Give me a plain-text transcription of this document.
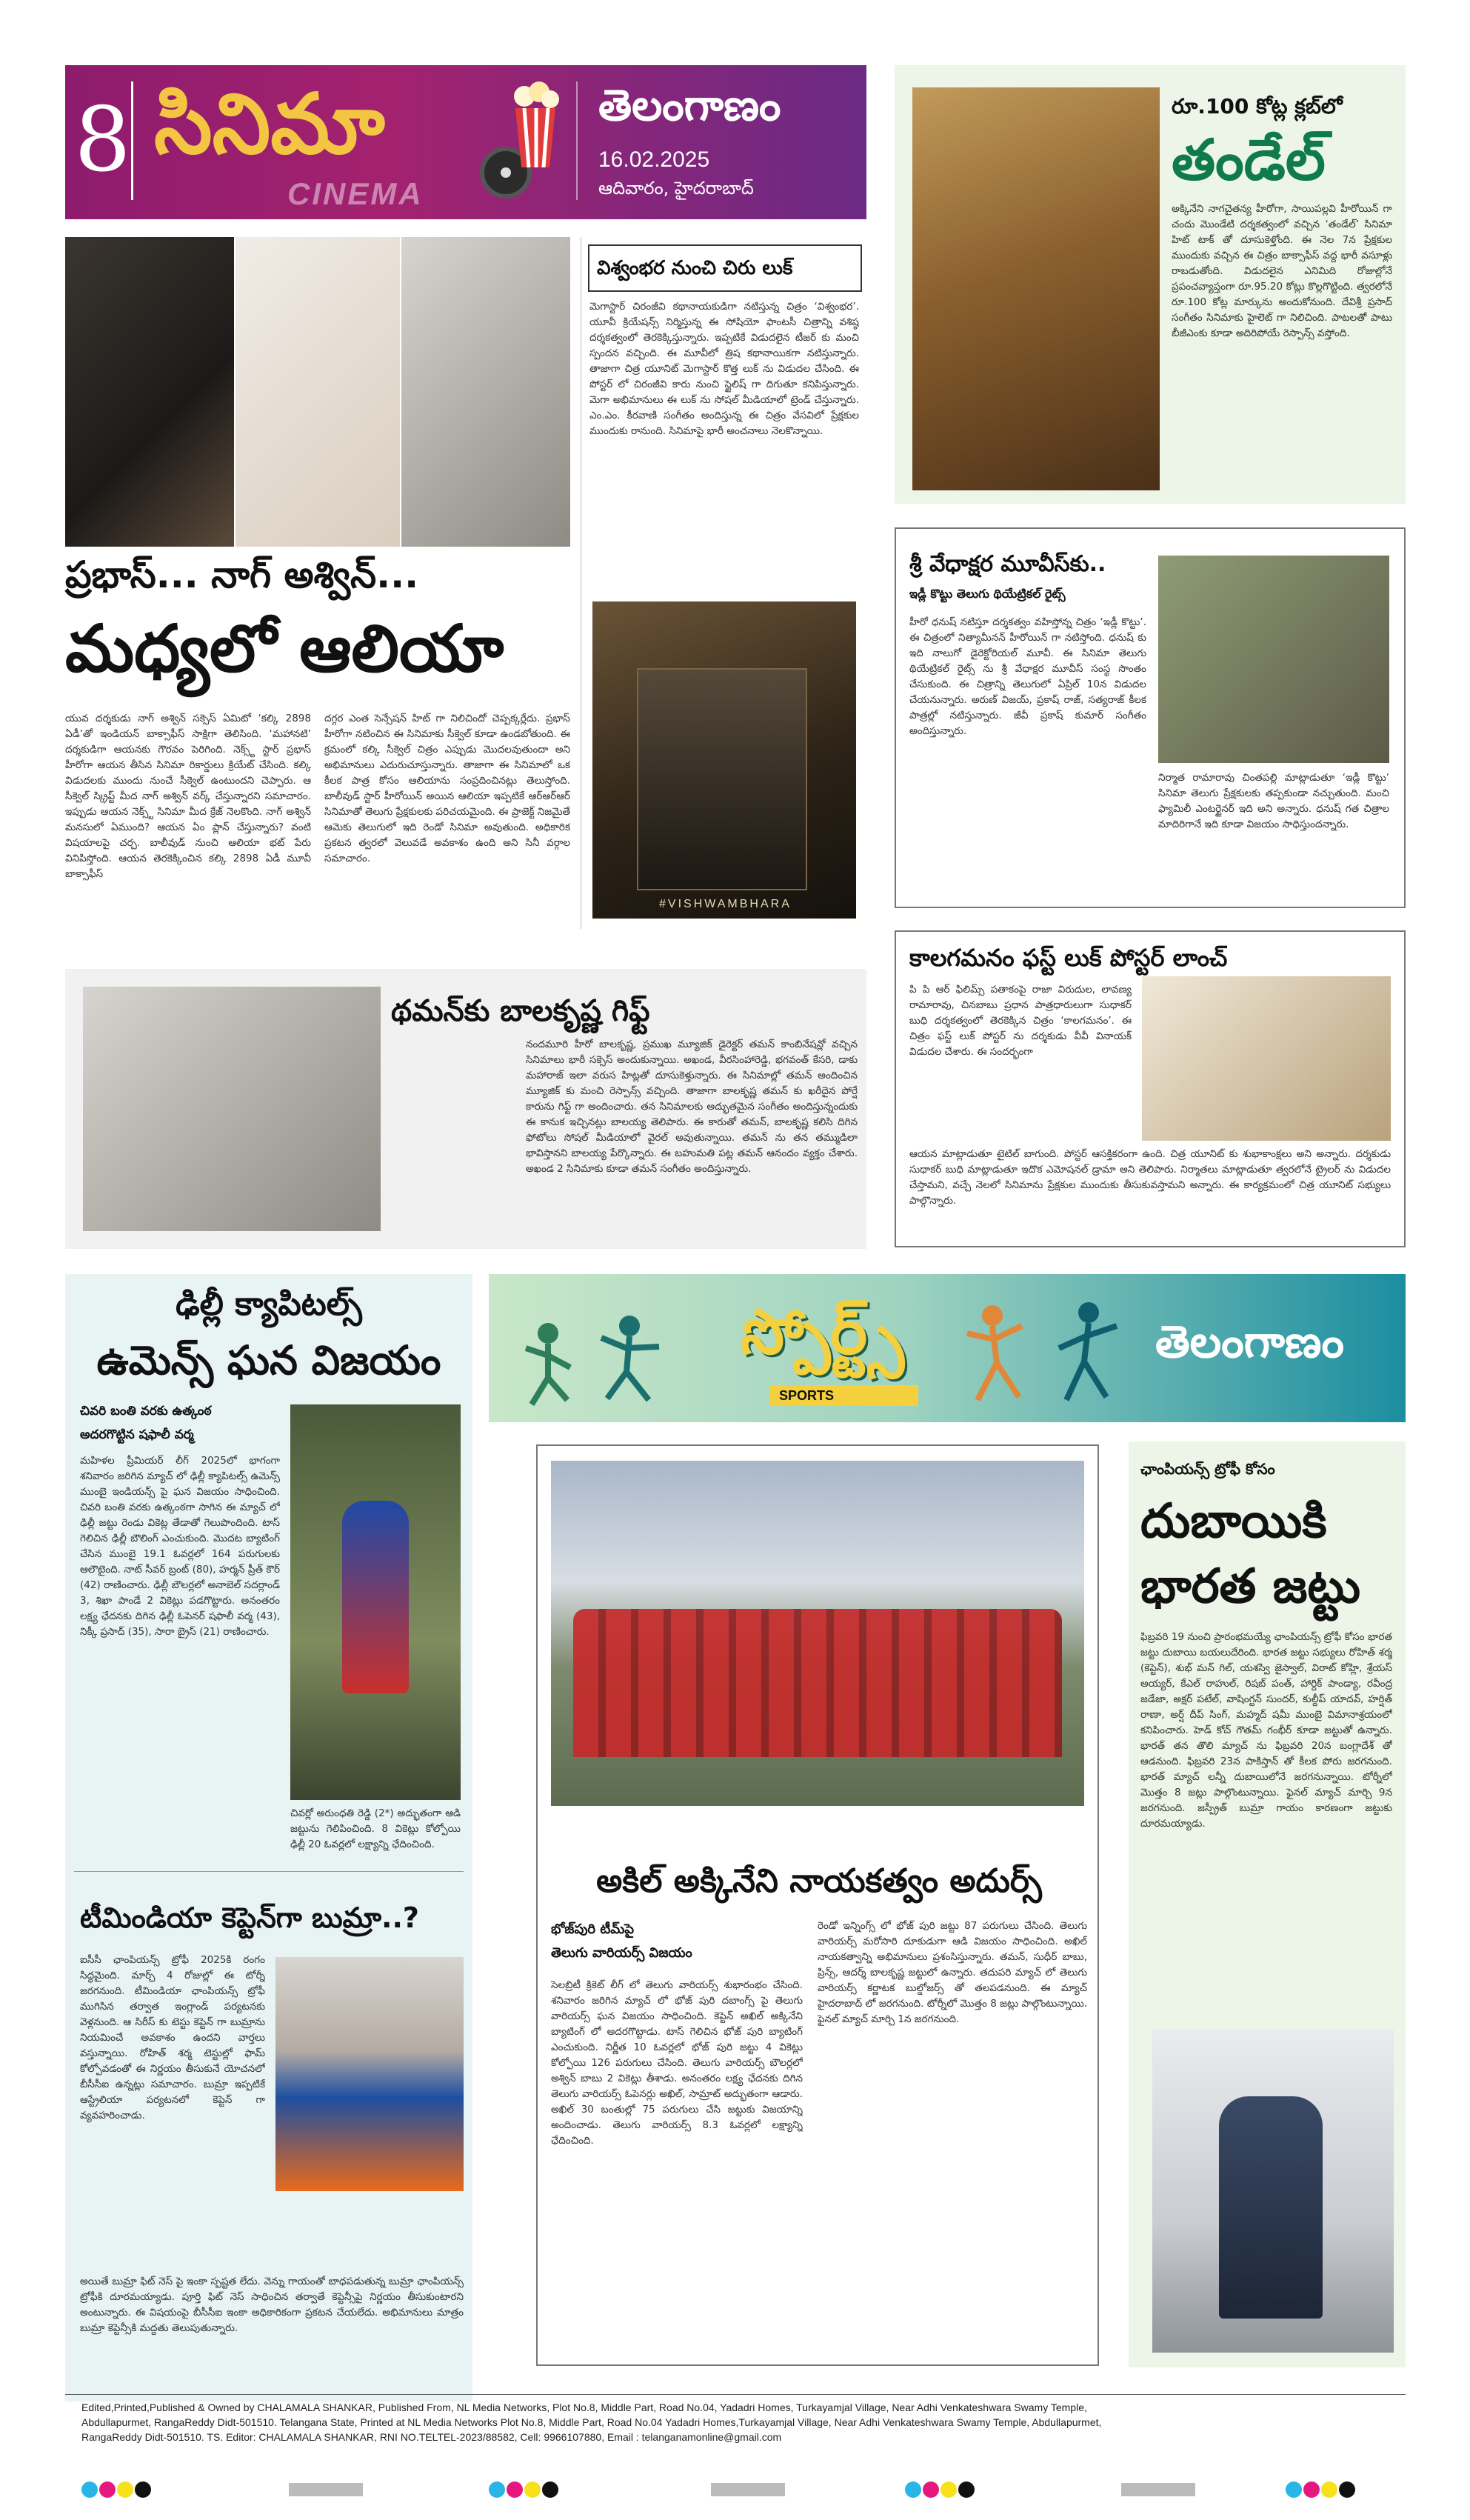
8 సినిమా
CINEMA
తెలంగాణం
16.02.2025
ఆదివారం, హైదరాబాద్
ప్రభాస్... నాగ్ అశ్విన్...
మధ్యలో ఆలియా
యువ దర్శకుడు నాగ్ అశ్విన్ సక్సెస్ ఏమిటో ‘కల్కి 2898 ఏడీ’తో ఇండియన్ బాక్సాఫీస్ సాక్షిగా తెలిసింది. ‘మహానటి’ దర్శకుడిగా ఆయనకు గౌరవం పెరిగింది. నెక్స్ట్ స్టార్ ప్రభాస్ హీరోగా ఆయన తీసిన సినిమా రికార్డులు క్రియేట్ చేసింది. కల్కి విడుదలకు ముందు నుంచే సీక్వెల్ ఉంటుందని చెప్పారు. ఆ సీక్వెల్ స్క్రిప్ట్ మీద నాగ్ అశ్విన్ వర్క్ చేస్తున్నారని సమాచారం. ఇప్పుడు ఆయన నెక్స్ట్ సినిమా మీద క్రేజ్ నెలకొంది. నాగ్ అశ్విన్ మనసులో ఏముంది? ఆయన ఏం ప్లాన్ చేస్తున్నారు? వంటి విషయాలపై చర్చ. బాలీవుడ్ నుంచి ఆలియా భట్ పేరు వినిపిస్తోంది. ఆయన తెరకెక్కించిన కల్కి 2898 ఏడీ మూవీ బాక్సాఫీస్
దగ్గర ఎంత సెన్సేషన్ హిట్ గా నిలిచిందో చెప్పక్కర్లేదు. ప్రభాస్ హీరోగా నటించిన ఈ సినిమాకు సీక్వెల్ కూడా ఉండబోతుంది. ఈ క్రమంలో కల్కి సీక్వెల్ చిత్రం ఎప్పుడు మొదలవుతుందా అని అభిమానులు ఎదురుచూస్తున్నారు. తాజాగా ఈ సినిమాలో ఒక కీలక పాత్ర కోసం ఆలియాను సంప్రదించినట్లు తెలుస్తోంది. బాలీవుడ్ స్టార్ హీరోయిన్ అయిన ఆలియా ఇప్పటికే ఆర్ఆర్ఆర్ సినిమాతో తెలుగు ప్రేక్షకులకు పరిచయమైంది. ఈ ప్రాజెక్ట్ నిజమైతే ఆమెకు తెలుగులో ఇది రెండో సినిమా అవుతుంది. అధికారిక ప్రకటన త్వరలో వెలువడే అవకాశం ఉంది అని సినీ వర్గాల సమాచారం.
విశ్వంభర నుంచి చిరు లుక్
మెగాస్టార్ చిరంజీవి కథానాయకుడిగా నటిస్తున్న చిత్రం ‘విశ్వంభర’. యూవీ క్రియేషన్స్ నిర్మిస్తున్న ఈ సోషియో ఫాంటసీ చిత్రాన్ని వశిష్ఠ దర్శకత్వంలో తెరకెక్కిస్తున్నారు. ఇప్పటికే విడుదలైన టీజర్ కు మంచి స్పందన వచ్చింది. ఈ మూవీలో త్రిష కథానాయికగా నటిస్తున్నారు. తాజాగా చిత్ర యూనిట్ మెగాస్టార్ కొత్త లుక్ ను విడుదల చేసింది. ఈ పోస్టర్ లో చిరంజీవి కారు నుంచి స్టైలిష్ గా దిగుతూ కనిపిస్తున్నారు. మెగా అభిమానులు ఈ లుక్ ను సోషల్ మీడియాలో ట్రెండ్ చేస్తున్నారు. ఎం.ఎం. కీరవాణి సంగీతం అందిస్తున్న ఈ చిత్రం వేసవిలో ప్రేక్షకుల ముందుకు రానుంది. సినిమాపై భారీ అంచనాలు నెలకొన్నాయి.
#VISHWAMBHARA
రూ.100 కోట్ల క్లబ్‌లో
తండేల్
అక్కినేని నాగచైతన్య హీరోగా, సాయిపల్లవి హీరోయిన్ గా చందు మొండేటి దర్శకత్వంలో వచ్చిన ‘తండేల్’ సినిమా హిట్ టాక్ తో దూసుకెళ్తోంది. ఈ నెల 7న ప్రేక్షకుల ముందుకు వచ్చిన ఈ చిత్రం బాక్సాఫీస్ వద్ద భారీ వసూళ్లు రాబడుతోంది. విడుదలైన ఎనిమిది రోజుల్లోనే ప్రపంచవ్యాప్తంగా రూ.95.20 కోట్లు కొల్లగొట్టింది. త్వరలోనే రూ.100 కోట్ల మార్కును అందుకోనుంది. దేవిశ్రీ ప్రసాద్ సంగీతం సినిమాకు హైలెట్ గా నిలిచింది. పాటలతో పాటు బీజీఎంకు కూడా అదిరిపోయే రెస్పాన్స్ వస్తోంది.
శ్రీ వేధాక్షర మూవీస్‌కు..
ఇడ్లీ కొట్టు తెలుగు థియేట్రికల్ రైట్స్
హీరో ధనుష్ నటిస్తూ దర్శకత్వం వహిస్తోన్న చిత్రం ‘ఇడ్లీ కొట్టు’. ఈ చిత్రంలో నిత్యామీనన్ హీరోయిన్ గా నటిస్తోంది. ధనుష్ కు ఇది నాలుగో డైరెక్టోరియల్ మూవీ. ఈ సినిమా తెలుగు థియేట్రికల్ రైట్స్ ను శ్రీ వేధాక్షర మూవీస్ సంస్థ సొంతం చేసుకుంది. ఈ చిత్రాన్ని తెలుగులో ఏప్రిల్ 10న విడుదల చేయనున్నారు. అరుణ్ విజయ్, ప్రకాష్ రాజ్, సత్యరాజ్ కీలక పాత్రల్లో నటిస్తున్నారు. జీవీ ప్రకాష్ కుమార్ సంగీతం అందిస్తున్నారు.
నిర్మాత రామారావు చింతపల్లి మాట్లాడుతూ ‘ఇడ్లీ కొట్టు’ సినిమా తెలుగు ప్రేక్షకులకు తప్పకుండా నచ్చుతుంది. మంచి ఫ్యామిలీ ఎంటర్టైనర్ ఇది అని అన్నారు. ధనుష్ గత చిత్రాల మాదిరిగానే ఇది కూడా విజయం సాధిస్తుందన్నారు.
కాలగమనం ఫస్ట్ లుక్ పోస్టర్ లాంచ్
పి పి ఆర్ ఫిలిమ్స్ పతాకంపై రాజా విరుదుల, లావణ్య రామారావు, చినబాబు ప్రధాన పాత్రధారులుగా సుధాకర్ బుధి దర్శకత్వంలో తెరకెక్కిన చిత్రం ‘కాలగమనం’. ఈ చిత్రం ఫస్ట్ లుక్ పోస్టర్ ను దర్శకుడు వీవీ వినాయక్ విడుదల చేశారు. ఈ సందర్భంగా
ఆయన మాట్లాడుతూ టైటిల్ బాగుంది. పోస్టర్ ఆసక్తికరంగా ఉంది. చిత్ర యూనిట్ కు శుభాకాంక్షలు అని అన్నారు. దర్శకుడు సుధాకర్ బుధి మాట్లాడుతూ ఇదొక ఎమోషనల్ డ్రామా అని తెలిపారు. నిర్మాతలు మాట్లాడుతూ త్వరలోనే ట్రైలర్ ను విడుదల చేస్తామని, వచ్చే నెలలో సినిమాను ప్రేక్షకుల ముందుకు తీసుకువస్తామని అన్నారు. ఈ కార్యక్రమంలో చిత్ర యూనిట్ సభ్యులు పాల్గొన్నారు.
థమన్‌కు బాలకృష్ణ గిఫ్ట్
నందమూరి హీరో బాలకృష్ణ, ప్రముఖ మ్యూజిక్ డైరెక్టర్ తమన్ కాంబినేషన్లో వచ్చిన సినిమాలు భారీ సక్సెస్ అందుకున్నాయి. అఖండ, వీరసింహారెడ్డి, భగవంత్ కేసరి, డాకు మహారాజ్ ఇలా వరుస హిట్లతో దూసుకెళ్తున్నారు. ఈ సినిమాల్లో తమన్ అందించిన మ్యూజిక్ కు మంచి రెస్పాన్స్ వచ్చింది. తాజాగా బాలకృష్ణ తమన్ కు ఖరీదైన పోర్షే కారును గిఫ్ట్ గా అందించారు. తన సినిమాలకు అద్భుతమైన సంగీతం అందిస్తున్నందుకు ఈ కానుక ఇచ్చినట్లు బాలయ్య తెలిపారు. ఈ కారుతో తమన్, బాలకృష్ణ కలిసి దిగిన ఫోటోలు సోషల్ మీడియాలో వైరల్ అవుతున్నాయి. తమన్ ను తన తమ్ముడిలా భావిస్తానని బాలయ్య పేర్కొన్నారు. ఈ బహుమతి పట్ల తమన్ ఆనందం వ్యక్తం చేశారు. అఖండ 2 సినిమాకు కూడా తమన్ సంగీతం అందిస్తున్నారు.
ఢిల్లీ క్యాపిటల్స్
ఉమెన్స్ ఘన విజయం
చివరి బంతి వరకు ఉత్కంఠ
అదరగొట్టిన షఫాలీ వర్మ
మహిళల ప్రీమియర్ లీగ్ 2025లో భాగంగా శనివారం జరిగిన మ్యాచ్ లో ఢిల్లీ క్యాపిటల్స్ ఉమెన్స్ ముంబై ఇండియన్స్ పై ఘన విజయం సాధించింది. చివరి బంతి వరకు ఉత్కంఠగా సాగిన ఈ మ్యాచ్ లో ఢిల్లీ జట్టు రెండు వికెట్ల తేడాతో గెలుపొందింది. టాస్ గెలిచిన ఢిల్లీ బౌలింగ్ ఎంచుకుంది. మొదట బ్యాటింగ్ చేసిన ముంబై 19.1 ఓవర్లలో 164 పరుగులకు ఆలౌటైంది. నాట్ సీవర్ బ్రంట్ (80), హర్మన్ ప్రీత్ కౌర్ (42) రాణించారు. ఢిల్లీ బౌలర్లలో అనాబెల్ సదర్లాండ్ 3, శిఖా పాండే 2 వికెట్లు పడగొట్టారు. అనంతరం లక్ష్య ఛేదనకు దిగిన ఢిల్లీ ఓపెనర్ షఫాలీ వర్మ (43), నిక్కీ ప్రసాద్ (35), సారా బ్రైస్ (21) రాణించారు.
చివర్లో అరుంధతి రెడ్డి (2*) అద్భుతంగా ఆడి జట్టును గెలిపించింది. 8 వికెట్లు కోల్పోయి ఢిల్లీ 20 ఓవర్లలో లక్ష్యాన్ని ఛేదించింది.
టీమిండియా కెప్టెన్‌గా బుమ్రా..?
ఐసీసీ ఛాంపియన్స్ ట్రోఫీ 2025కి రంగం సిద్ధమైంది. మార్చ్ 4 రోజుల్లో ఈ టోర్నీ జరగనుంది. టీమిండియా ఛాంపియన్స్ ట్రోఫీ ముగిసిన తర్వాత ఇంగ్లాండ్ పర్యటనకు వెళ్లనుంది. ఆ సిరీస్ కు టెస్టు కెప్టెన్ గా బుమ్రాను నియమించే అవకాశం ఉందని వార్తలు వస్తున్నాయి. రోహిత్ శర్మ టెస్టుల్లో ఫామ్ కోల్పోవడంతో ఈ నిర్ణయం తీసుకునే యోచనలో బీసీసీఐ ఉన్నట్లు సమాచారం. బుమ్రా ఇప్పటికే ఆస్ట్రేలియా పర్యటనలో కెప్టెన్ గా వ్యవహరించాడు.
అయితే బుమ్రా ఫిట్ నెస్ పై ఇంకా స్పష్టత లేదు. వెన్ను గాయంతో బాధపడుతున్న బుమ్రా ఛాంపియన్స్ ట్రోఫీకి దూరమయ్యాడు. పూర్తి ఫిట్ నెస్ సాధించిన తర్వాతే కెప్టెన్సీపై నిర్ణయం తీసుకుంటారని అంటున్నారు. ఈ విషయంపై బీసీసీఐ ఇంకా అధికారికంగా ప్రకటన చేయలేదు. అభిమానులు మాత్రం బుమ్రా కెప్టెన్సీకి మద్దతు తెలుపుతున్నారు.
స్పోర్ట్స్
SPORTS
తెలంగాణం
అకిల్ అక్కినేని నాయకత్వం అదుర్స్
భోజ్‌పురి టీమ్‌పై
తెలుగు వారియర్స్ విజయం
సెలబ్రిటీ క్రికెట్ లీగ్ లో తెలుగు వారియర్స్ శుభారంభం చేసింది. శనివారం జరిగిన మ్యాచ్ లో భోజ్ పురి దబాంగ్స్ పై తెలుగు వారియర్స్ ఘన విజయం సాధించింది. కెప్టెన్ అఖిల్ అక్కినేని బ్యాటింగ్ లో అదరగొట్టాడు. టాస్ గెలిచిన భోజ్ పురి బ్యాటింగ్ ఎంచుకుంది. నిర్ణీత 10 ఓవర్లలో భోజ్ పురి జట్టు 4 వికెట్లు కోల్పోయి 126 పరుగులు చేసింది. తెలుగు వారియర్స్ బౌలర్లలో అశ్విన్ బాబు 2 వికెట్లు తీశాడు. అనంతరం లక్ష్య ఛేదనకు దిగిన తెలుగు వారియర్స్ ఓపెనర్లు అఖిల్, సామ్రాట్ అద్భుతంగా ఆడారు. అఖిల్ 30 బంతుల్లో 75 పరుగులు చేసి జట్టుకు విజయాన్ని అందించాడు. తెలుగు వారియర్స్ 8.3 ఓవర్లలో లక్ష్యాన్ని ఛేదించింది.
రెండో ఇన్నింగ్స్ లో భోజ్ పురి జట్టు 87 పరుగులు చేసింది. తెలుగు వారియర్స్ మరోసారి దూకుడుగా ఆడి విజయం సాధించింది. అఖిల్ నాయకత్వాన్ని అభిమానులు ప్రశంసిస్తున్నారు. తమన్, సుధీర్ బాబు, ప్రిన్స్, ఆదర్శ్ బాలకృష్ణ జట్టులో ఉన్నారు. తదుపరి మ్యాచ్ లో తెలుగు వారియర్స్ కర్ణాటక బుల్డోజర్స్ తో తలపడనుంది. ఈ మ్యాచ్ హైదరాబాద్ లో జరగనుంది. టోర్నీలో మొత్తం 8 జట్లు పాల్గొంటున్నాయి. ఫైనల్ మ్యాచ్ మార్చి 1న జరగనుంది.
ఛాంపియన్స్ ట్రోఫీ కోసం
దుబాయికి
భారత జట్టు
ఫిబ్రవరి 19 నుంచి ప్రారంభమయ్యే ఛాంపియన్స్ ట్రోఫీ కోసం భారత జట్టు దుబాయి బయలుదేరింది. భారత జట్టు సభ్యులు రోహిత్ శర్మ (కెప్టెన్), శుభ్ మన్ గిల్, యశస్వి జైస్వాల్, విరాట్ కోహ్లి, శ్రేయస్ అయ్యర్, కేఎల్ రాహుల్, రిషబ్ పంత్, హార్దిక్ పాండ్యా, రవీంద్ర జడేజా, అక్షర్ పటేల్, వాషింగ్టన్ సుందర్, కుల్దీప్ యాదవ్, హర్షిత్ రాణా, అర్ష్ దీప్ సింగ్, మహ్మద్ షమీ ముంబై విమానాశ్రయంలో కనిపించారు. హెడ్ కోచ్ గౌతమ్ గంభీర్ కూడా జట్టుతో ఉన్నారు. భారత్ తన తొలి మ్యాచ్ ను ఫిబ్రవరి 20న బంగ్లాదేశ్ తో ఆడనుంది. ఫిబ్రవరి 23న పాకిస్తాన్ తో కీలక పోరు జరగనుంది. భారత్ మ్యాచ్ లన్నీ దుబాయిలోనే జరగనున్నాయి. టోర్నీలో మొత్తం 8 జట్లు పాల్గొంటున్నాయి. ఫైనల్ మ్యాచ్ మార్చి 9న జరగనుంది. జస్ప్రీత్ బుమ్రా గాయం కారణంగా జట్టుకు దూరమయ్యాడు.
Edited,Printed,Published & Owned by CHALAMALA SHANKAR, Published From, NL Media Networks, Plot No.8, Middle Part, Road No.04, Yadadri Homes, Turkayamjal Village, Near Adhi Venkateshwara Swamy Temple,
Abdullapurmet, RangaReddy Didt-501510. Telangana State, Printed at NL Media Networks Plot No.8, Middle Part, Road No.04 Yadadri Homes,Turkayamjal Village, Near Adhi Venkateshwara Swamy Temple, Abdullapurmet,
RangaReddy Didt-501510. TS. Editor: CHALAMALA SHANKAR, RNI NO.TELTEL-2023/88582, Cell: 9966107880, Email : telanganamonline@gmail.com
